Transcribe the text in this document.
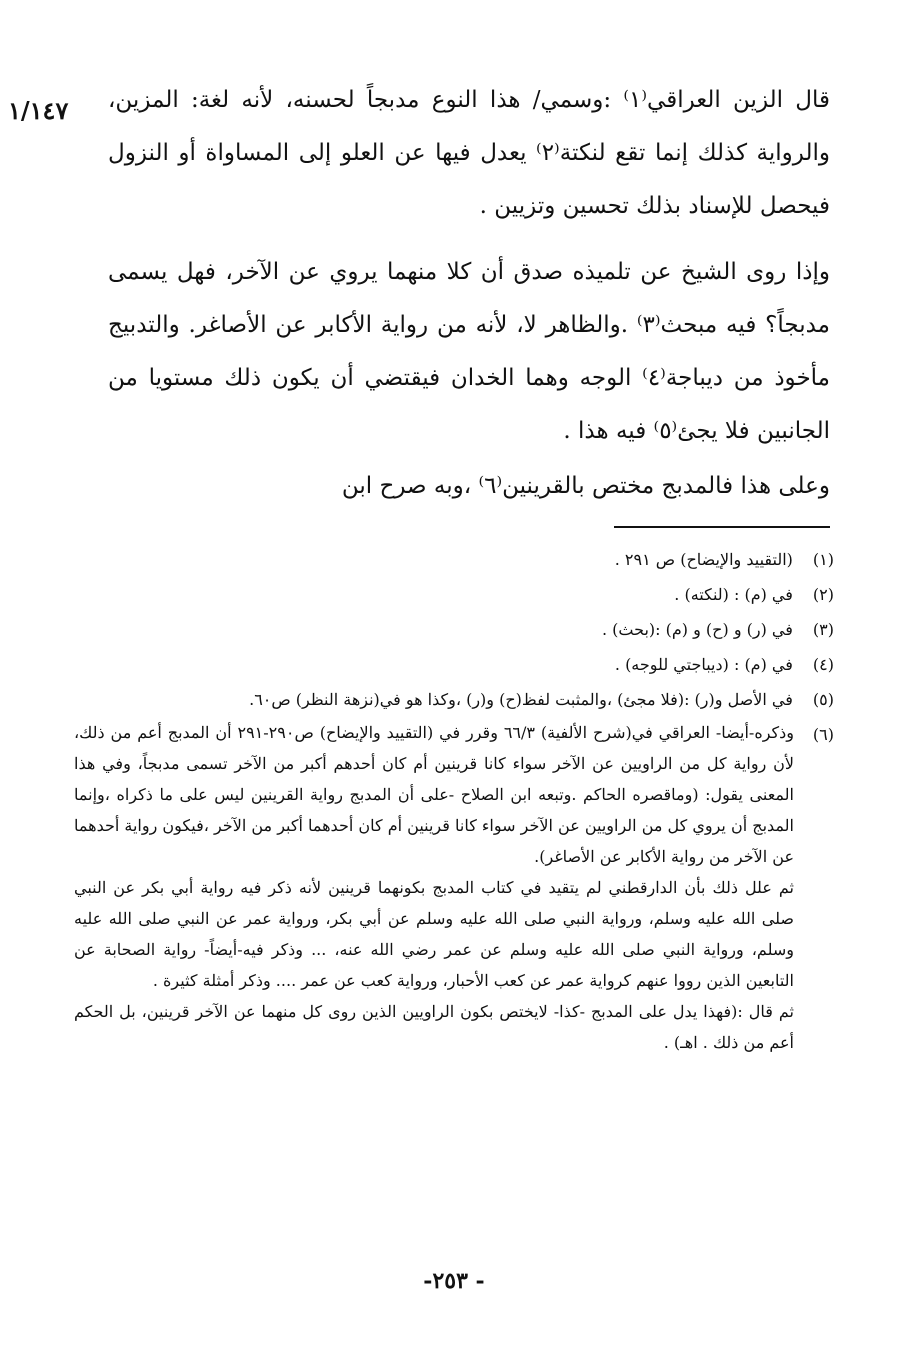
١/١٤٧ قال الزين العراقي⁽١⁾ :وسمي/ هذا النوع مدبجاً لحسنه، لأنه لغة: المزين، والرواية كذلك إنما تقع لنكتة⁽٢⁾ يعدل فيها عن العلو إلى المساواة أو النزول فيحصل للإسناد بذلك تحسين وتزيين .

وإذا روى الشيخ عن تلميذه صدق أن كلا منهما يروي عن الآخر، فهل يسمى مدبجاً؟ فيه مبحث⁽٣⁾ .والظاهر لا، لأنه من رواية الأكابر عن الأصاغر. والتدبيج مأخوذ من ديباجة⁽٤⁾ الوجه وهما الخدان فيقتضي أن يكون ذلك مستويا من الجانبين فلا يجئ⁽٥⁾ فيه هذا .

وعلى هذا فالمدبج مختص بالقرينين⁽٦⁾ ،وبه صرح ابن

(١) (التقييد والإيضاح) ص ٢٩١ .
(٢) في (م) : (لنكته) .
(٣) في (ر) و (ح) و (م) :(بحث) .
(٤) في (م) : (ديباجتي للوجه) .
(٥) في الأصل و(ر) :(فلا مجئ) ،والمثبت لفظ(ح) و(ر) ،وكذا هو في(نزهة النظر) ص٦٠.
(٦)

وذكره-أيضا- العراقي في(شرح الألفية) ٦٦/٣ وقرر في (التقييد والإيضاح) ص٢٩٠-٢٩١ أن المدبج أعم من ذلك، لأن رواية كل من الراويين عن الآخر سواء كانا قرينين أم كان أحدهم أكبر من الآخر تسمى مدبجاً، وفي هذا المعنى يقول: (وماقصره الحاكم .وتبعه ابن الصلاح -على أن المدبج رواية القرينين ليس على ما ذكراه ،وإنما المدبج أن يروي كل من الراويين عن الآخر سواء كانا قرينين أم كان أحدهما أكبر من الآخر ،فيكون رواية أحدهما عن الآخر من رواية الأكابر عن الأصاغر).

ثم علل ذلك بأن الدارقطني لم يتقيد في كتاب المدبج بكونهما قرينين لأنه ذكر فيه رواية أبي بكر عن النبي صلى الله عليه وسلم، ورواية النبي صلى الله عليه وسلم عن أبي بكر، ورواية عمر عن النبي صلى الله عليه وسلم، ورواية النبي صلى الله عليه وسلم عن عمر رضي الله عنه، ... وذكر فيه-أيضاً- رواية الصحابة عن التابعين الذين رووا عنهم كرواية عمر عن كعب الأحبار، ورواية كعب عن عمر .... وذكر أمثلة كثيرة .

ثم قال :(فهذا يدل على المدبج -كذا- لايختص بكون الراويين الذين روى كل منهما عن الآخر قرينين، بل الحكم أعم من ذلك . اهـ) .

- ٢٥٣-
